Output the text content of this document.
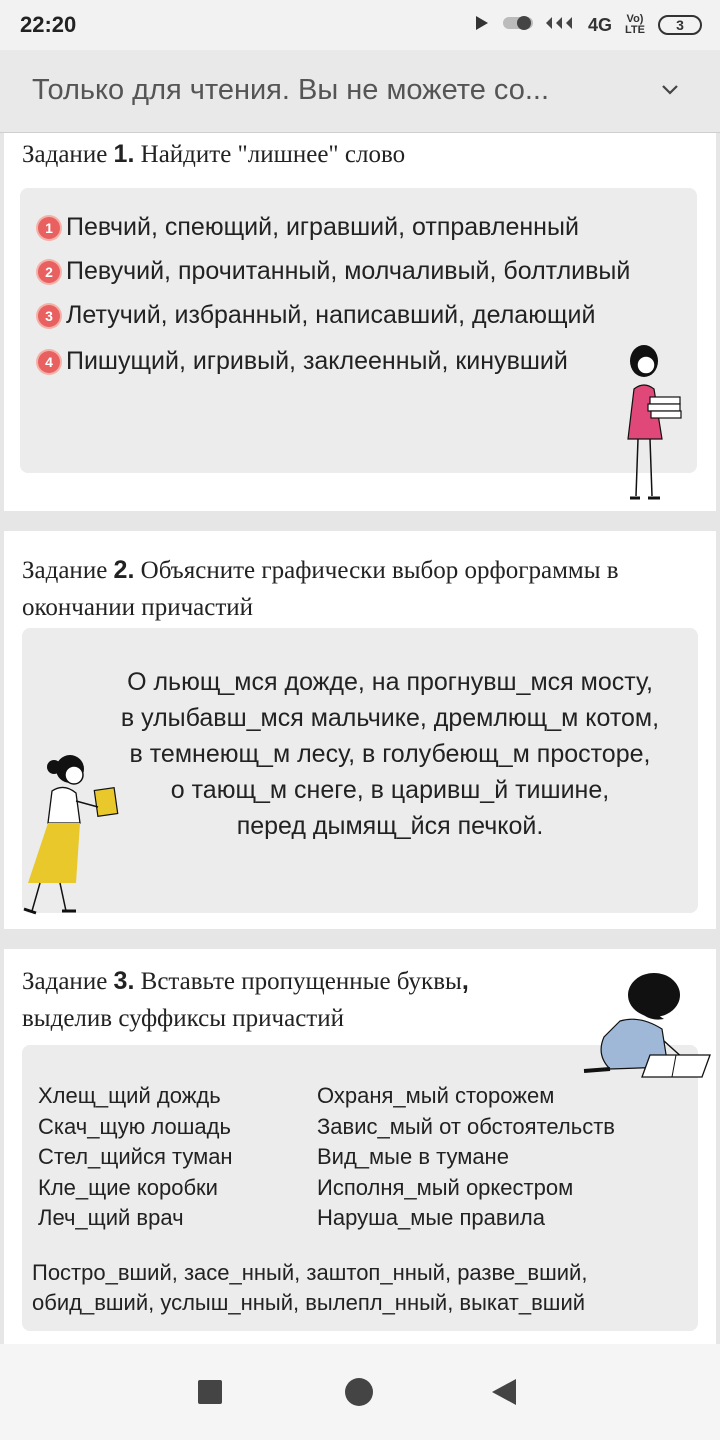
22:20	4G	Vo) LTE 3
Только для чтения. Вы не можете со...
Задание 1. Найдите "лишнее" слово
1 Певчий, спеющий, игравший, отправленный
2 Певучий, прочитанный, молчаливый, болтливый
3 Летучий, избранный, написавший, делающий
4 Пишущий, игривый, заклеенный, кинувший
Задание 2. Объясните графически выбор орфограммы в
окончании причастий
О льющ_мся дожде, на прогнувш_мся мосту,
в улыбавш_мся мальчике, дремлющ_м котом,
в темнеющ_м лесу, в голубеющ_м просторе,
о тающ_м снеге, в царивш_й тишине,
перед дымящ_йся печкой.
Задание 3. Вставьте пропущенные буквы,
выделив суффиксы причастий
Хлещ_щий дождь
Скач_щую лошадь
Стел_щийся туман
Кле_щие коробки
Леч_щий врач
Охраня_мый сторожем
Завис_мый от обстоятельств
Вид_мые в тумане
Исполня_мый оркестром
Наруша_мые правила
Постро_вший, засе_нный, заштоп_нный, разве_вший,
обид_вший, услыш_нный, вылепл_нный, выкат_вший
